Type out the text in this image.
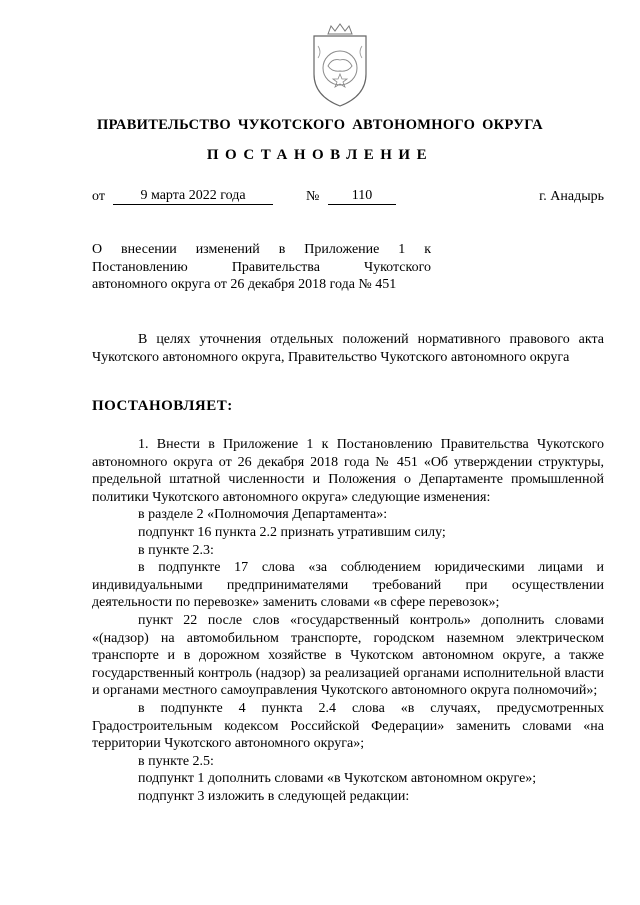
ПРАВИТЕЛЬСТВО ЧУКОТСКОГО АВТОНОМНОГО ОКРУГА
ПОСТАНОВЛЕНИЕ
от	9 марта 2022 года	№	110	г. Анадырь
О внесении изменений в Приложение 1 к
Постановлению Правительства Чукотского
автономного округа от 26 декабря 2018 года № 451

В целях уточнения отдельных положений нормативного правового акта Чукотского автономного округа, Правительство Чукотского автономного округа

ПОСТАНОВЛЯЕТ:

1. Внести в Приложение 1 к Постановлению Правительства Чукотского автономного округа от 26 декабря 2018 года № 451 «Об утверждении структуры, предельной штатной численности и Положения о Департаменте промышленной политики Чукотского автономного округа» следующие изменения:

в разделе 2 «Полномочия Департамента»:

подпункт 16 пункта 2.2 признать утратившим силу;

в пункте 2.3:

в подпункте 17 слова «за соблюдением юридическими лицами и индивидуальными предпринимателями требований при осуществлении деятельности по перевозке» заменить словами «в сфере перевозок»;

пункт 22 после слов «государственный контроль» дополнить словами «(надзор) на автомобильном транспорте, городском наземном электрическом транспорте и в дорожном хозяйстве в Чукотском автономном округе, а также государственный контроль (надзор) за реализацией органами исполнительной власти и органами местного самоуправления Чукотского автономного округа полномочий»;

в подпункте 4 пункта 2.4 слова «в случаях, предусмотренных Градостроительным кодексом Российской Федерации» заменить словами «на территории Чукотского автономного округа»;

в пункте 2.5:

подпункт 1 дополнить словами «в Чукотском автономном округе»;

подпункт 3 изложить в следующей редакции:
